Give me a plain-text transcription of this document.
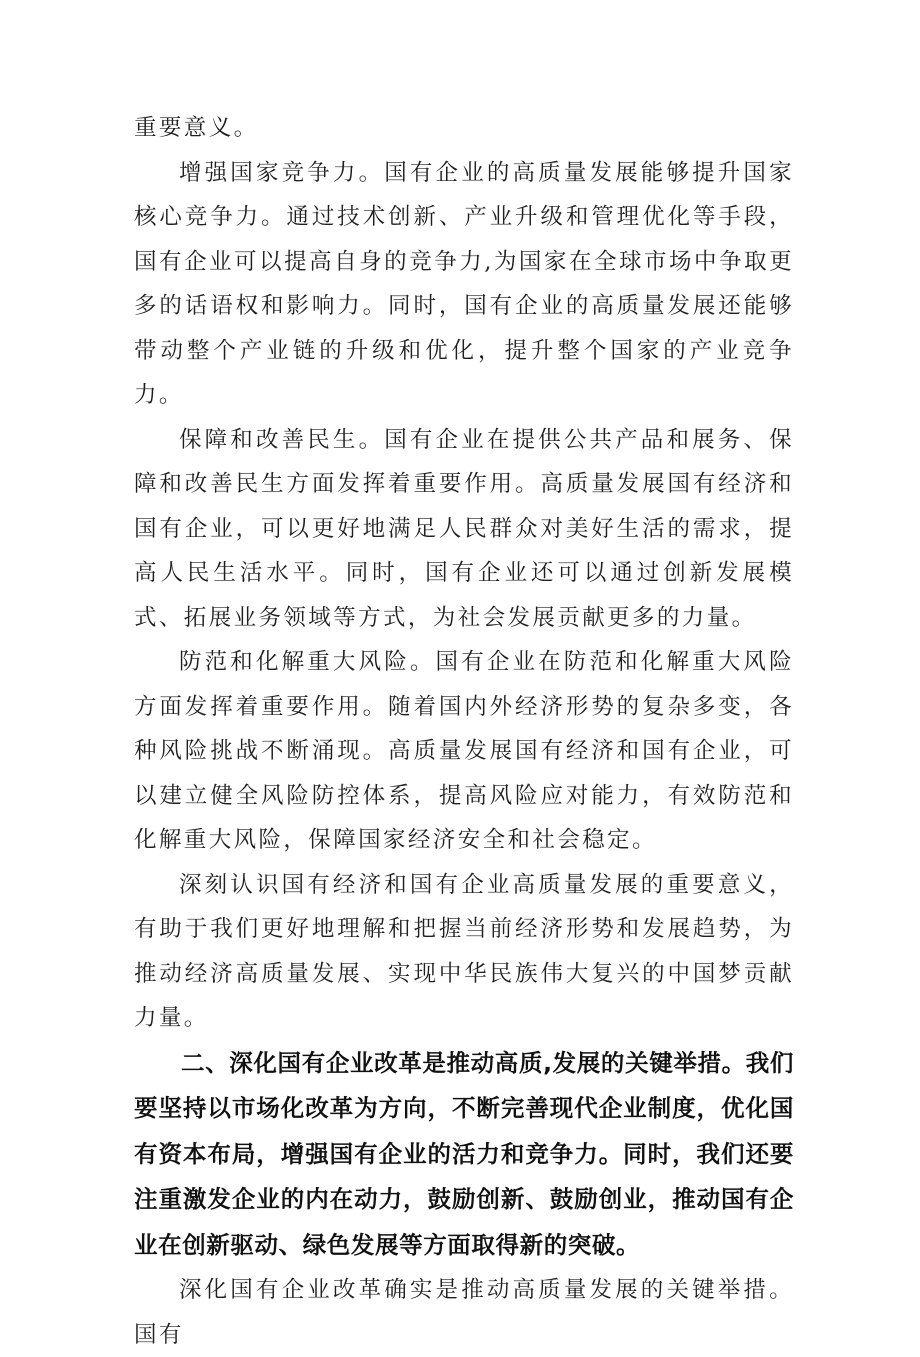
重要意义。

增强国家竞争力。国有企业的高质量发展能够提升国家核心竞争力。通过技术创新、产业升级和管理优化等手段，国有企业可以提高自身的竞争力,为国家在全球市场中争取更多的话语权和影响力。同时，国有企业的高质量发展还能够带动整个产业链的升级和优化，提升整个国家的产业竞争力。

保障和改善民生。国有企业在提供公共产品和展务、保障和改善民生方面发挥着重要作用。高质量发展国有经济和国有企业，可以更好地满足人民群众对美好生活的需求，提高人民生活水平。同时，国有企业还可以通过创新发展模式、拓展业务领域等方式，为社会发展贡献更多的力量。

防范和化解重大风险。国有企业在防范和化解重大风险方面发挥着重要作用。随着国内外经济形势的复杂多变，各种风险挑战不断涌现。高质量发展国有经济和国有企业，可以建立健全风险防控体系，提高风险应对能力，有效防范和化解重大风险，保障国家经济安全和社会稳定。

深刻认识国有经济和国有企业高质量发展的重要意义，有助于我们更好地理解和把握当前经济形势和发展趋势，为推动经济高质量发展、实现中华民族伟大复兴的中国梦贡献力量。

二、深化国有企业改革是推动高质,发展的关键举措。我们要坚持以市场化改革为方向，不断完善现代企业制度，优化国有资本布局，增强国有企业的活力和竞争力。同时，我们还要注重激发企业的内在动力，鼓励创新、鼓励创业，推动国有企业在创新驱动、绿色发展等方面取得新的突破。

深化国有企业改革确实是推动高质量发展的关键举措。国有
